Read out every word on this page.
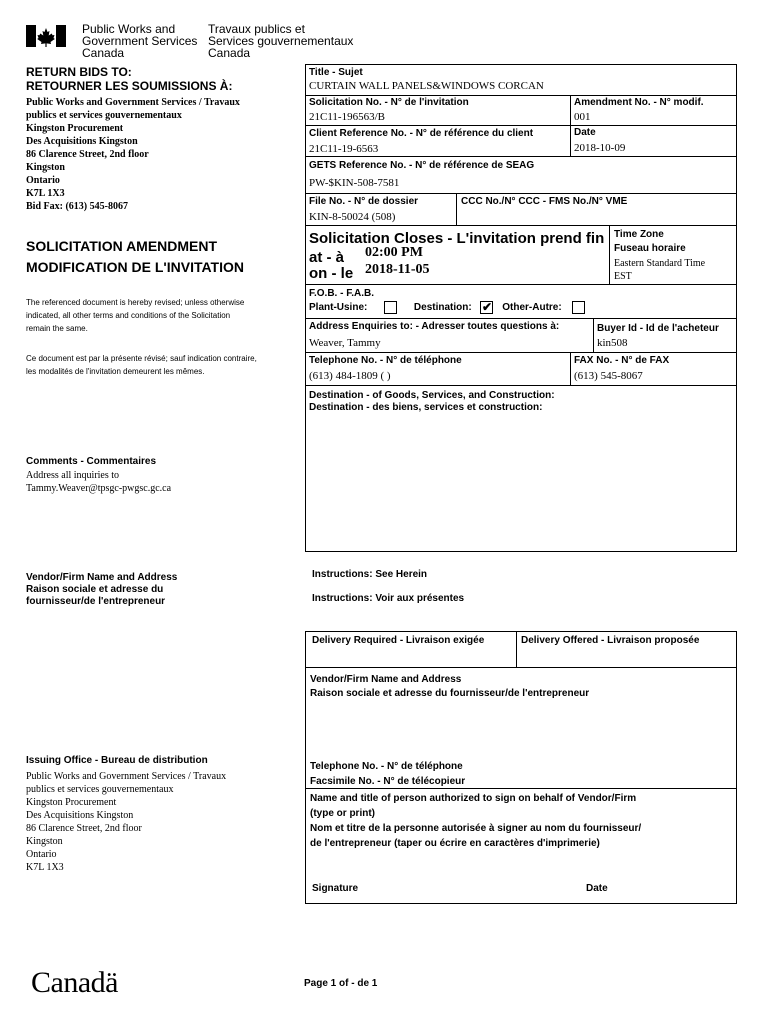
Public Works and
Government Services
Canada
Travaux publics et
Services gouvernementaux
Canada
RETURN BIDS TO:
RETOURNER LES SOUMISSIONS À:
Public Works and Government Services / Travaux
publics et services gouvernementaux
Kingston Procurement
Des Acquisitions Kingston
86 Clarence Street, 2nd floor
Kingston
Ontario
K7L 1X3
Bid Fax: (613) 545-8067
SOLICITATION AMENDMENT
MODIFICATION DE L'INVITATION
The referenced document is hereby revised; unless otherwise
indicated, all other terms and conditions of the Solicitation
remain the same.
Ce document est par la présente révisé; sauf indication contraire,
les modalités de l'invitation demeurent les mêmes.
Comments - Commentaires
Address all inquiries to
Tammy.Weaver@tpsgc-pwgsc.gc.ca
Vendor/Firm Name and Address
Raison sociale et adresse du
fournisseur/de l'entrepreneur
Issuing Office - Bureau de distribution
Public Works and Government Services / Travaux
publics et services gouvernementaux
Kingston Procurement
Des Acquisitions Kingston
86 Clarence Street, 2nd floor
Kingston
Ontario
K7L 1X3
Title - Sujet
CURTAIN WALL PANELS&WINDOWS CORCAN
Solicitation No. - N° de l'invitation
21C11-196563/B
Amendment No. - N° modif.
001
Client Reference No. - N° de référence du client
21C11-19-6563
Date
2018-10-09
GETS Reference No. - N° de référence de SEAG
PW-$KIN-508-7581
File No. - N° de dossier
KIN-8-50024 (508)
CCC No./N° CCC - FMS No./N° VME
Solicitation Closes - L'invitation prend fin
at - à 02:00 PM
on - le 2018-11-05
Time Zone
Fuseau horaire
Eastern Standard Time
EST
F.O.B. - F.A.B.
Plant-Usine:	Destination: ✔ Other-Autre:
Address Enquiries to: - Adresser toutes questions à:
Weaver, Tammy
Buyer Id - Id de l'acheteur
kin508
Telephone No. - N° de téléphone
(613) 484-1809 ( )
FAX No. - N° de FAX
(613) 545-8067
Destination - of Goods, Services, and Construction:
Destination - des biens, services et construction:
Instructions: See Herein
Instructions: Voir aux présentes
Delivery Required - Livraison exigée	Delivery Offered - Livraison proposée
Vendor/Firm Name and Address
Raison sociale et adresse du fournisseur/de l'entrepreneur
Telephone No. - N° de téléphone
Facsimile No. - N° de télécopieur
Name and title of person authorized to sign on behalf of Vendor/Firm
(type or print)
Nom et titre de la personne autorisée à signer au nom du fournisseur/
de l'entrepreneur (taper ou écrire en caractères d'imprimerie)
Signature	Date
Canadä	Page 1 of - de 1
